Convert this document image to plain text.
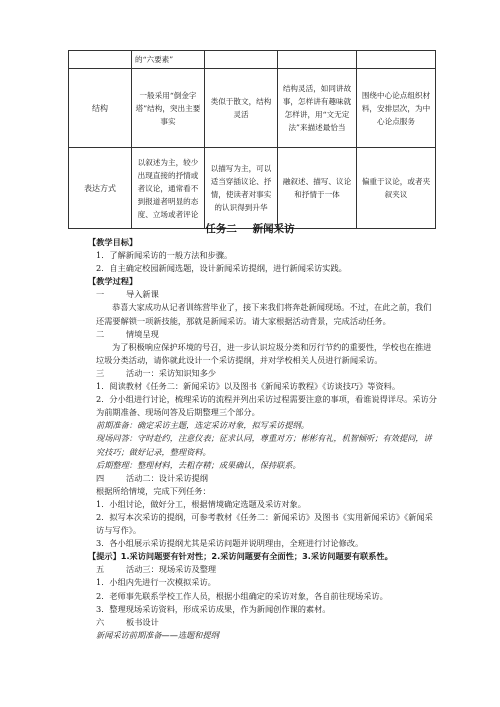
	的“六要素”			
结构	一般采用“倒金字塔”结构，突出主要事实	类似于散文，结构灵活	结构灵活，如同讲故事，怎样讲有趣味就怎样讲，用“文无定法”来描述最恰当	围绕中心论点组织材料，安排层次，为中心论点服务
表达方式	以叙述为主，较少出现直接的抒情或者议论，通常看不到报道者明显的态度、立场或者评论	以描写为主，可以适当穿插议论、抒情，使读者对事实的认识得到升华	融叙述、描写、议论和抒情于一体	偏重于议论，或者夹叙夹议
任务二 新闻采访
【教学目标】
1．了解新闻采访的一般方法和步骤。
2．自主确定校园新闻选题，设计新闻采访提纲，进行新闻采访实践。
【教学过程】
一	导入新课
恭喜大家成功从记者训练营毕业了，接下来我们将奔赴新闻现场。不过，在此之前，我们还需要解锁一项新技能，那就是新闻采访。请大家根据活动背景，完成活动任务。
二	情境呈现
为了积极响应保护环境的号召，进一步认识垃圾分类和厉行节约的重要性，学校也在推进垃圾分类活动，请你就此设计一个采访提纲，并对学校相关人员进行新闻采访。
三	活动一：采访知识知多少
1．阅读教材《任务二：新闻采访》以及图书《新闻采访教程》《访谈技巧》等资料。
2．分小组进行讨论，梳理采访的流程并列出采访过程需要注意的事项，看谁说得详尽。采访分为前期准备、现场问答及后期整理三个部分。
前期准备：确定采访主题，选定采访对象，拟写采访提纲。
现场问答：守时赴约，注意仪表；征求认同，尊重对方；彬彬有礼，机智倾听；有效提问，讲究技巧；做好记录，整理资料。
后期整理：整理材料，去粗存精；成果确认，保持联系。
四	活动二：设计采访提纲
根据所给情境，完成下列任务：
1．小组讨论，做好分工，根据情境确定选题及采访对象。
2．拟写本次采访的提纲，可参考教材《任务二：新闻采访》及图书《实用新闻采访》《新闻采访与写作》。
3．各小组展示采访提纲尤其是采访问题并说明理由，全班进行讨论修改。
【提示】1.采访问题要有针对性；2.采访问题要有全面性；3.采访问题要有联系性。
五	活动三：现场采访及整理
1．小组内先进行一次模拟采访。
2．老师事先联系学校工作人员，根据小组确定的采访对象，各自前往现场采访。
3．整理现场采访资料，形成采访成果，作为新闻创作课的素材。
六	板书设计
新闻采访前期准备——选题和提纲
